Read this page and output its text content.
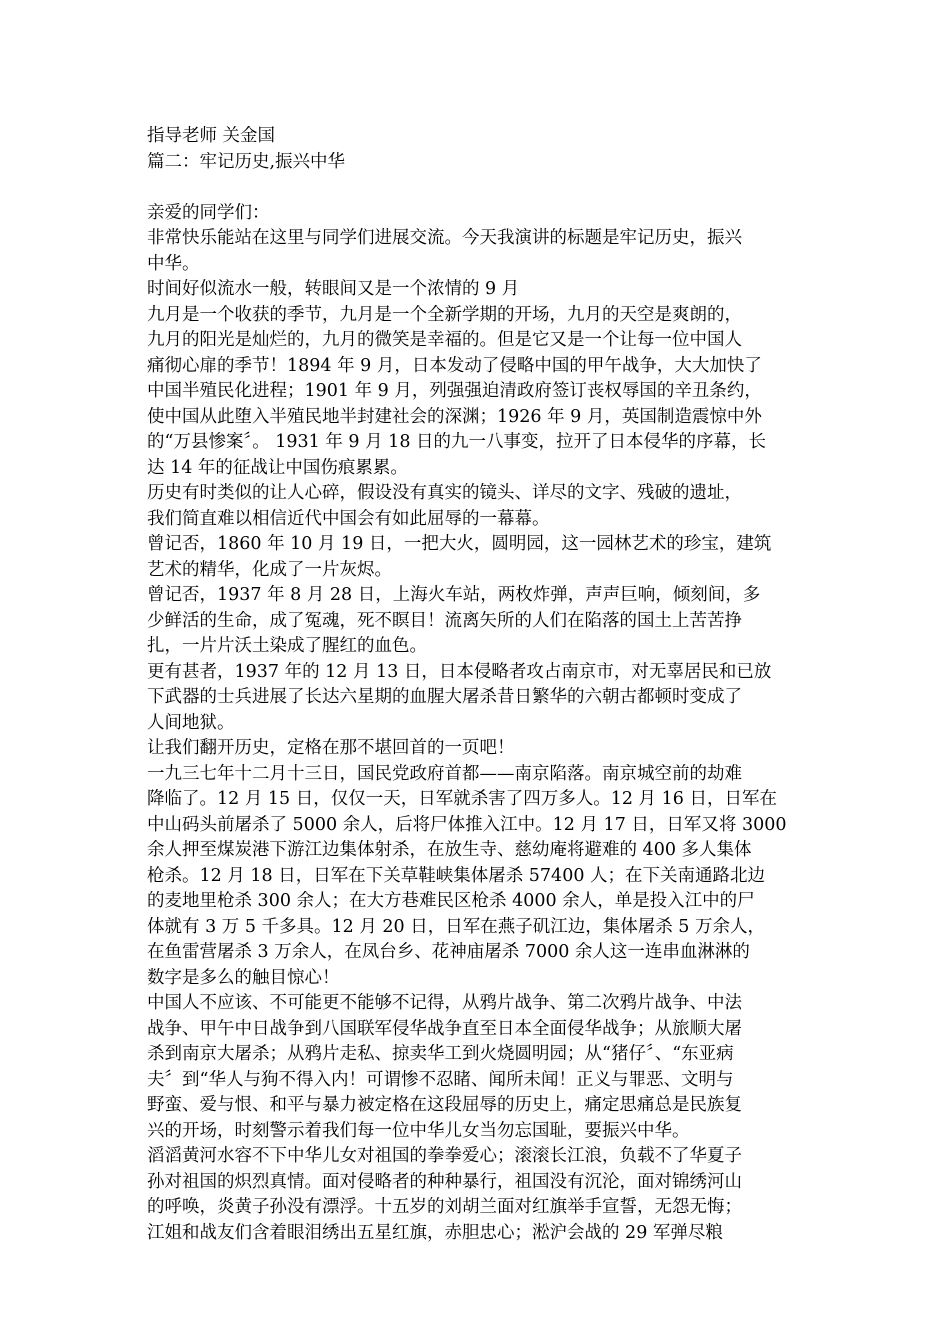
指导老师 关金国

篇二：牢记历史,振兴中华

亲爱的同学们：

非常快乐能站在这里与同学们进展交流。今天我演讲的标题是牢记历史，振兴

中华。

时间好似流水一般，转眼间又是一个浓情的 9 月

九月是一个收获的季节，九月是一个全新学期的开场，九月的天空是爽朗的，

九月的阳光是灿烂的，九月的微笑是幸福的。但是它又是一个让每一位中国人

痛彻心扉的季节！1894 年 9 月，日本发动了侵略中国的甲午战争，大大加快了

中国半殖民化进程；1901 年 9 月，列强强迫清政府签订丧权辱国的辛丑条约，

使中国从此堕入半殖民地半封建社会的深渊；1926 年 9 月，英国制造震惊中外

的“万县惨案〞。 1931 年 9 月 18 日的九一八事变，拉开了日本侵华的序幕，长

达 14 年的征战让中国伤痕累累。

历史有时类似的让人心碎，假设没有真实的镜头、详尽的文字、残破的遗址，

我们简直难以相信近代中国会有如此屈辱的一幕幕。

曾记否，1860 年 10 月 19 日，一把大火，圆明园，这一园林艺术的珍宝，建筑

艺术的精华，化成了一片灰烬。

曾记否，1937 年 8 月 28 日，上海火车站，两枚炸弹，声声巨响，倾刻间，多

少鲜活的生命，成了冤魂，死不瞑目！流离矢所的人们在陷落的国土上苦苦挣

扎，一片片沃土染成了腥红的血色。

更有甚者，1937 年的 12 月 13 日，日本侵略者攻占南京市，对无辜居民和已放

下武器的士兵进展了长达六星期的血腥大屠杀昔日繁华的六朝古都顿时变成了

人间地狱。

让我们翻开历史，定格在那不堪回首的一页吧！

一九三七年十二月十三日，国民党政府首都——南京陷落。南京城空前的劫难

降临了。12 月 15 日，仅仅一天，日军就杀害了四万多人。12 月 16 日，日军在

中山码头前屠杀了 5000 余人，后将尸体推入江中。12 月 17 日，日军又将 3000

余人押至煤炭港下游江边集体射杀，在放生寺、慈幼庵将避难的 400 多人集体

枪杀。12 月 18 日，日军在下关草鞋峡集体屠杀 57400 人；在下关南通路北边

的麦地里枪杀 300 余人；在大方巷难民区枪杀 4000 余人，单是投入江中的尸

体就有 3 万 5 千多具。12 月 20 日，日军在燕子矶江边，集体屠杀 5 万余人，

在鱼雷营屠杀 3 万余人，在凤台乡、花神庙屠杀 7000 余人这一连串血淋淋的

数字是多么的触目惊心！

中国人不应该、不可能更不能够不记得，从鸦片战争、第二次鸦片战争、中法

战争、甲午中日战争到八国联军侵华战争直至日本全面侵华战争；从旅顺大屠

杀到南京大屠杀；从鸦片走私、掠卖华工到火烧圆明园；从“猪仔〞、“东亚病

夫〞到“华人与狗不得入内！可谓惨不忍睹、闻所未闻！正义与罪恶、文明与

野蛮、爱与恨、和平与暴力被定格在这段屈辱的历史上，痛定思痛总是民族复

兴的开场，时刻警示着我们每一位中华儿女当勿忘国耻，要振兴中华。

滔滔黄河水容不下中华儿女对祖国的拳拳爱心；滚滚长江浪，负载不了华夏子

孙对祖国的炽烈真情。面对侵略者的种种暴行，祖国没有沉沦，面对锦绣河山

的呼唤，炎黄子孙没有漂浮。十五岁的刘胡兰面对红旗举手宣誓，无怨无悔；

江姐和战友们含着眼泪绣出五星红旗，赤胆忠心；淞沪会战的 29 军弹尽粮
